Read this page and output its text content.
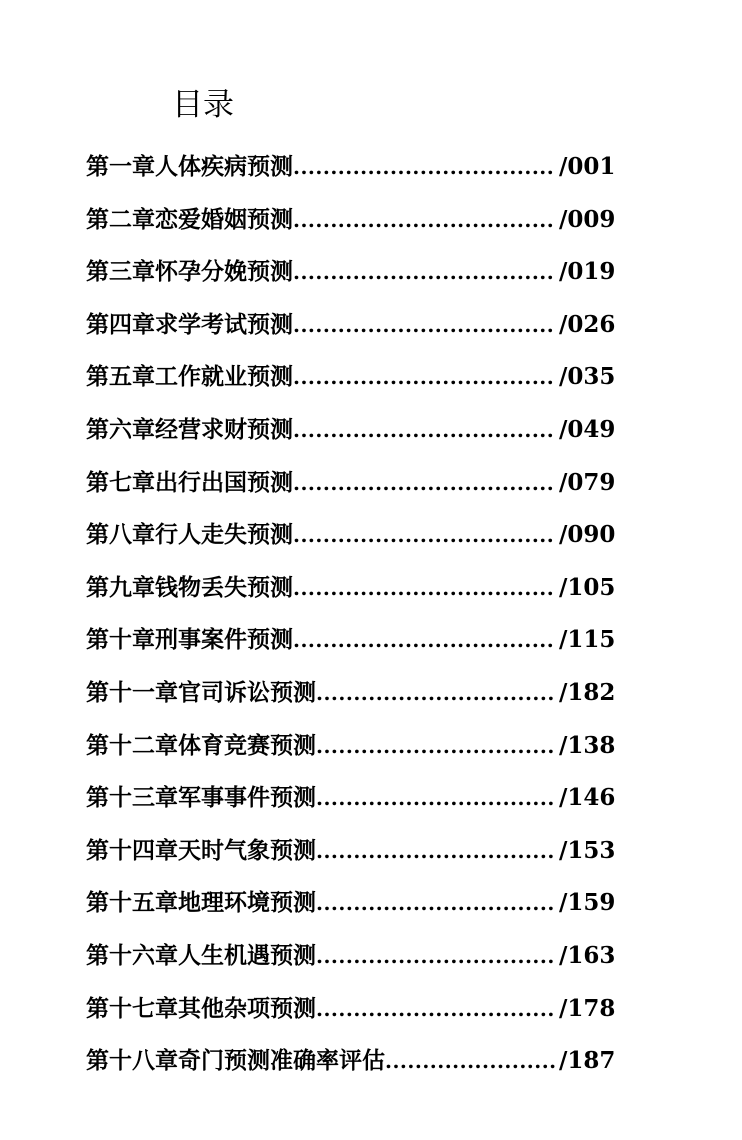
目录
第一章人体疾病预测 ................................... /001
第二章恋爱婚姻预测 ................................... /009
第三章怀孕分娩预测 ................................... /019
第四章求学考试预测 ................................... /026
第五章工作就业预测 ................................... /035
第六章经营求财预测 ................................... /049
第七章出行出国预测 ................................... /079
第八章行人走失预测 ................................... /090
第九章钱物丢失预测 ................................... /105
第十章刑事案件预测 ................................... /115
第十一章官司诉讼预测 ................................ /182
第十二章体育竞赛预测 ................................ /138
第十三章军事事件预测 ................................ /146
第十四章天时气象预测 ................................ /153
第十五章地理环境预测 ................................ /159
第十六章人生机遇预测 ................................ /163
第十七章其他杂项预测 ................................ /178
第十八章奇门预测准确率评估 ....................... /187
